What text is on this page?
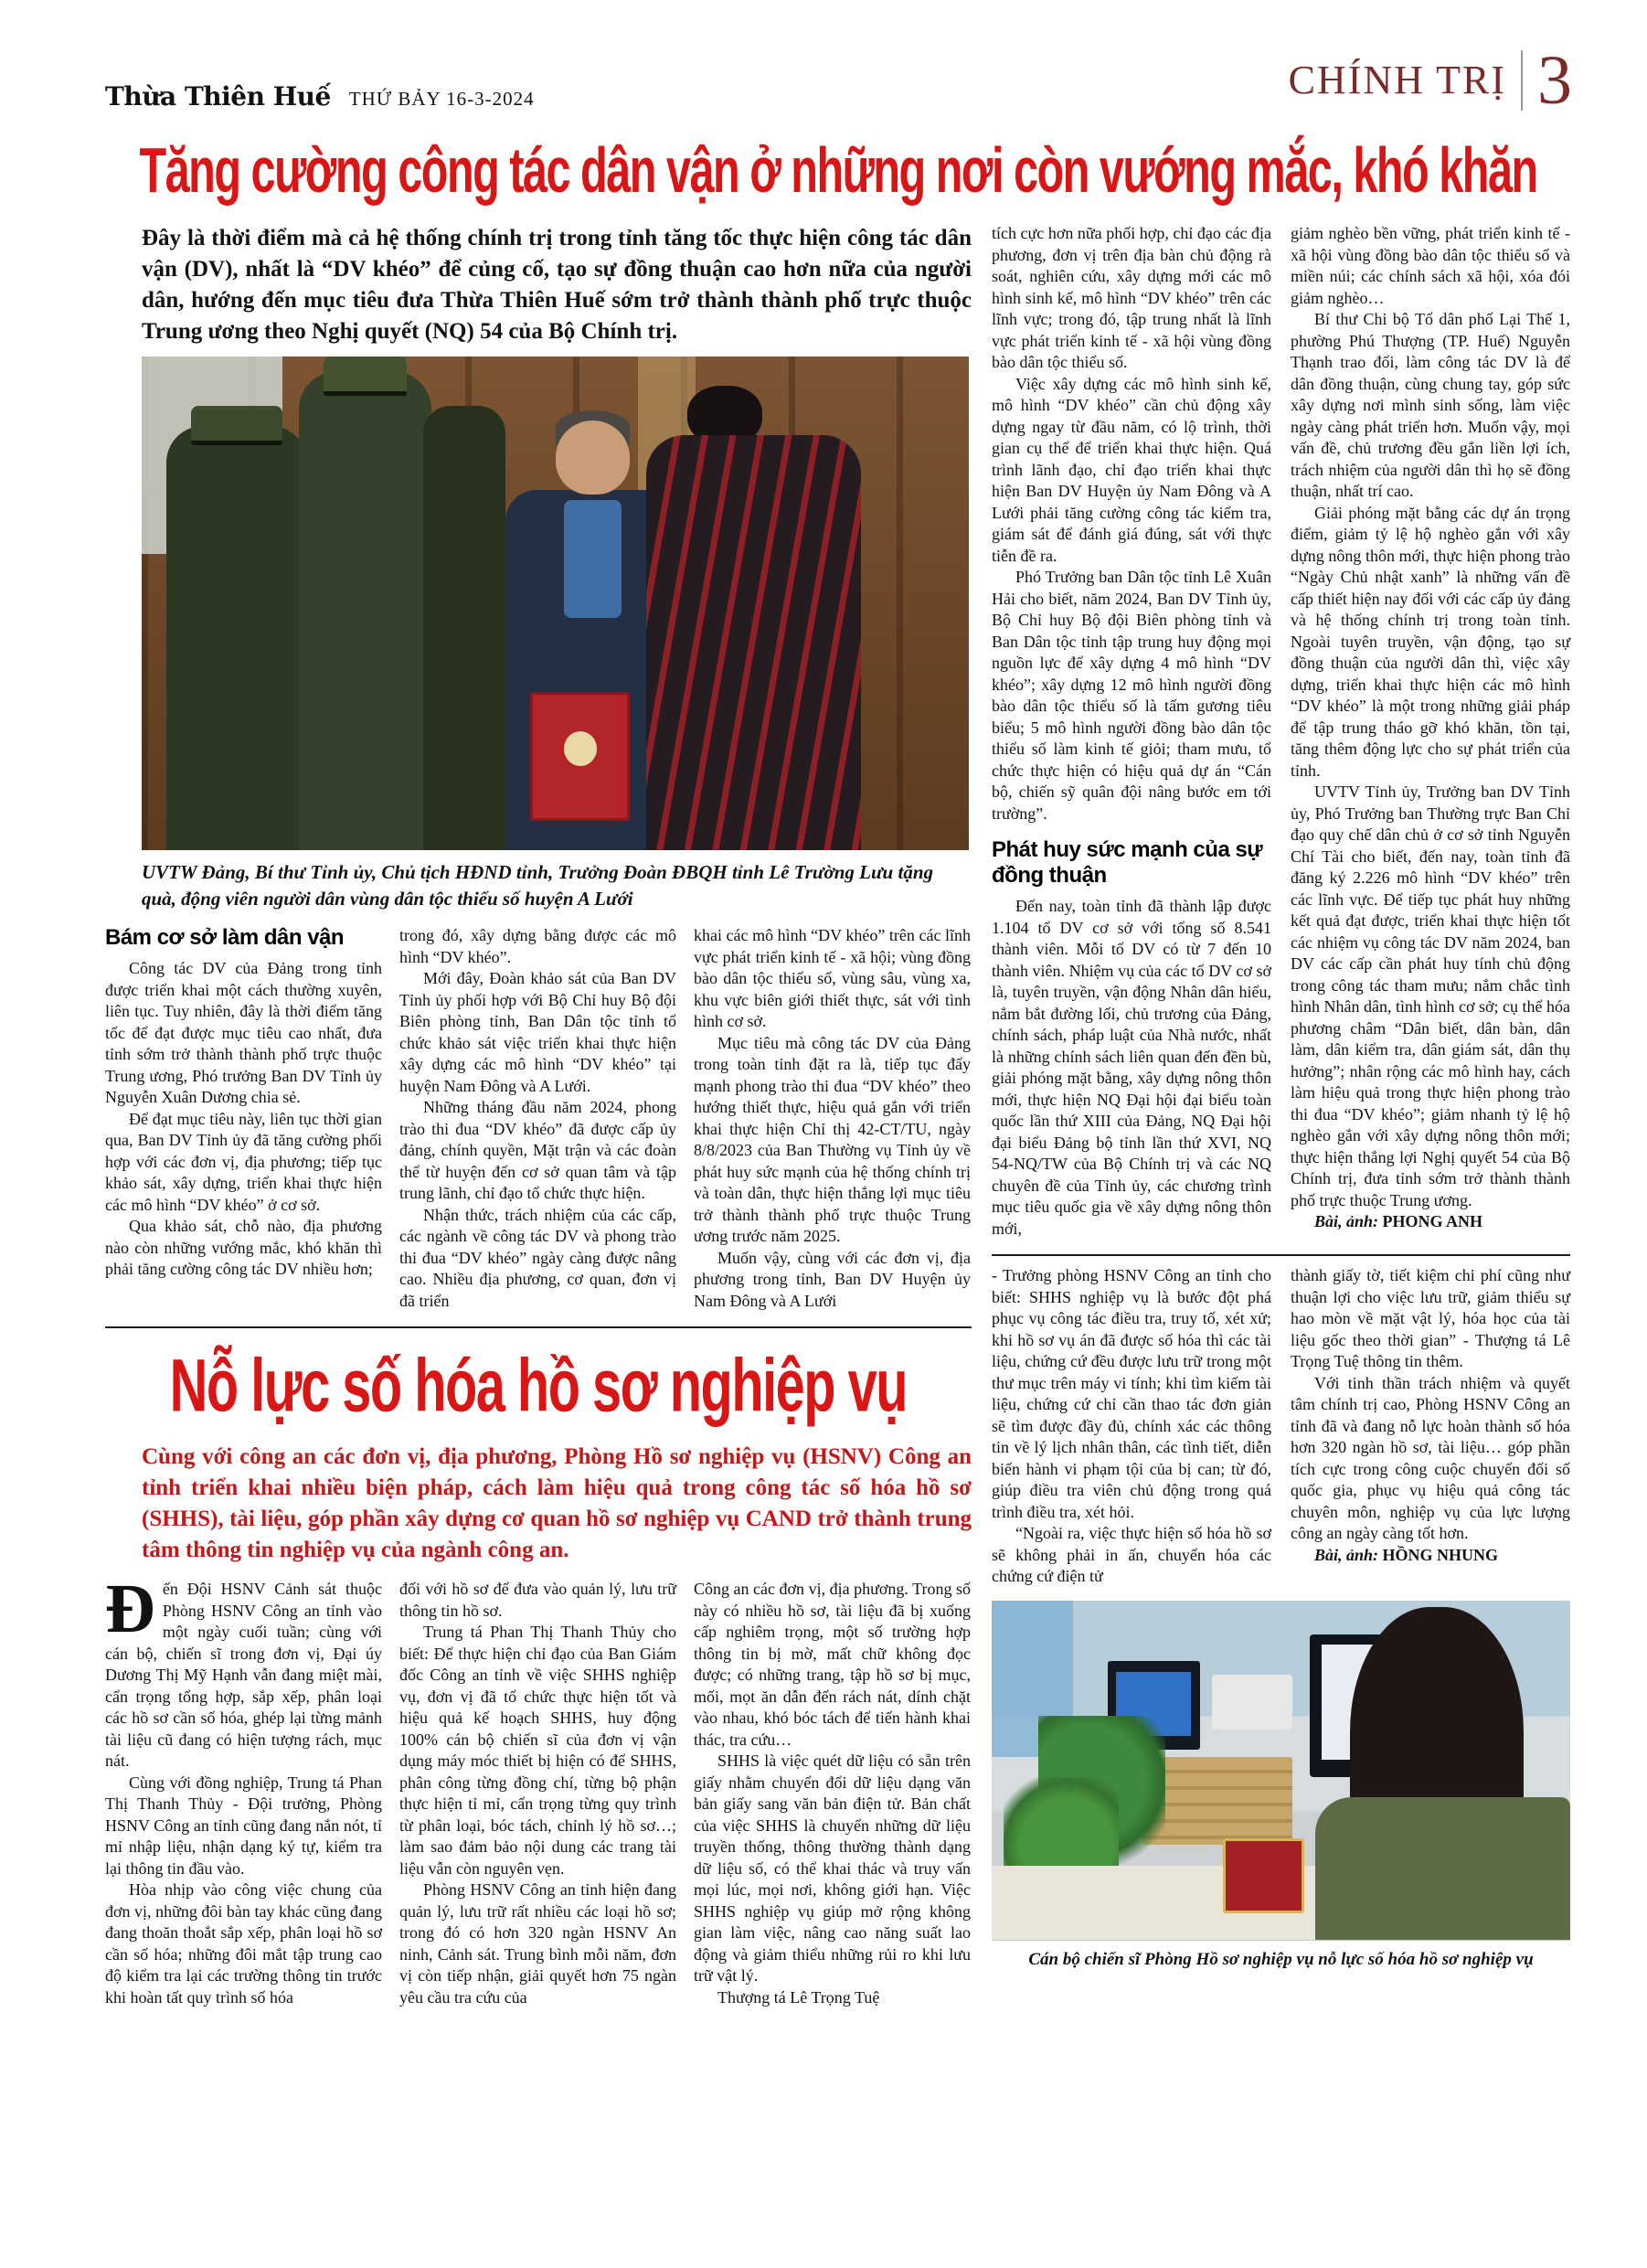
Thừa Thiên Huế THỨ BẢY 16-3-2024	CHÍNH TRỊ 3
Tăng cường công tác dân vận ở những nơi còn vướng mắc, khó khăn

Đây là thời điểm mà cả hệ thống chính trị trong tỉnh tăng tốc thực hiện công tác dân vận (DV), nhất là “DV khéo” để củng cố, tạo sự đồng thuận cao hơn nữa của người dân, hướng đến mục tiêu đưa Thừa Thiên Huế sớm trở thành thành phố trực thuộc Trung ương theo Nghị quyết (NQ) 54 của Bộ Chính trị.

UVTW Đảng, Bí thư Tỉnh ủy, Chủ tịch HĐND tỉnh, Trưởng Đoàn ĐBQH tỉnh Lê Trường Lưu tặng quà, động viên người dân vùng dân tộc thiểu số huyện A Lưới

Bám cơ sở làm dân vận

Công tác DV của Đảng trong tỉnh được triển khai một cách thường xuyên, liên tục. Tuy nhiên, đây là thời điểm tăng tốc để đạt được mục tiêu cao nhất, đưa tỉnh sớm trở thành thành phố trực thuộc Trung ương, Phó trưởng Ban DV Tỉnh ủy Nguyễn Xuân Dương chia sẻ.

Để đạt mục tiêu này, liên tục thời gian qua, Ban DV Tỉnh ủy đã tăng cường phối hợp với các đơn vị, địa phương; tiếp tục khảo sát, xây dựng, triển khai thực hiện các mô hình “DV khéo” ở cơ sở.

Qua khảo sát, chỗ nào, địa phương nào còn những vướng mắc, khó khăn thì phải tăng cường công tác DV nhiều hơn;

trong đó, xây dựng bằng được các mô hình “DV khéo”.

Mới đây, Đoàn khảo sát của Ban DV Tỉnh ủy phối hợp với Bộ Chỉ huy Bộ đội Biên phòng tỉnh, Ban Dân tộc tỉnh tổ chức khảo sát việc triển khai thực hiện xây dựng các mô hình “DV khéo” tại huyện Nam Đông và A Lưới.

Những tháng đầu năm 2024, phong trào thi đua “DV khéo” đã được cấp ủy đảng, chính quyền, Mặt trận và các đoàn thể từ huyện đến cơ sở quan tâm và tập trung lãnh, chỉ đạo tổ chức thực hiện.

Nhận thức, trách nhiệm của các cấp, các ngành về công tác DV và phong trào thi đua “DV khéo” ngày càng được nâng cao. Nhiều địa phương, cơ quan, đơn vị đã triển

khai các mô hình “DV khéo” trên các lĩnh vực phát triển kinh tế - xã hội; vùng đồng bào dân tộc thiểu số, vùng sâu, vùng xa, khu vực biên giới thiết thực, sát với tình hình cơ sở.

Mục tiêu mà công tác DV của Đảng trong toàn tỉnh đặt ra là, tiếp tục đẩy mạnh phong trào thi đua “DV khéo” theo hướng thiết thực, hiệu quả gắn với triển khai thực hiện Chỉ thị 42-CT/TU, ngày 8/8/2023 của Ban Thường vụ Tỉnh ủy về phát huy sức mạnh của hệ thống chính trị và toàn dân, thực hiện thắng lợi mục tiêu trở thành thành phố trực thuộc Trung ương trước năm 2025.

Muốn vậy, cùng với các đơn vị, địa phương trong tỉnh, Ban DV Huyện ủy Nam Đông và A Lưới

Nỗ lực số hóa hồ sơ nghiệp vụ

Cùng với công an các đơn vị, địa phương, Phòng Hồ sơ nghiệp vụ (HSNV) Công an tỉnh triển khai nhiều biện pháp, cách làm hiệu quả trong công tác số hóa hồ sơ (SHHS), tài liệu, góp phần xây dựng cơ quan hồ sơ nghiệp vụ CAND trở thành trung tâm thông tin nghiệp vụ của ngành công an.

Đến Đội HSNV Cảnh sát thuộc Phòng HSNV Công an tỉnh vào một ngày cuối tuần; cùng với cán bộ, chiến sĩ trong đơn vị, Đại úy Dương Thị Mỹ Hạnh vẫn đang miệt mài, cẩn trọng tổng hợp, sắp xếp, phân loại các hồ sơ cần số hóa, ghép lại từng mảnh tài liệu cũ đang có hiện tượng rách, mục nát.

Cùng với đồng nghiệp, Trung tá Phan Thị Thanh Thủy - Đội trưởng, Phòng HSNV Công an tỉnh cũng đang nắn nót, tỉ mỉ nhập liệu, nhận dạng ký tự, kiểm tra lại thông tin đầu vào.

Hòa nhịp vào công việc chung của đơn vị, những đôi bàn tay khác cũng đang đang thoăn thoắt sắp xếp, phân loại hồ sơ cần số hóa; những đôi mắt tập trung cao độ kiểm tra lại các trường thông tin trước khi hoàn tất quy trình số hóa

đối với hồ sơ để đưa vào quản lý, lưu trữ thông tin hồ sơ.

Trung tá Phan Thị Thanh Thủy cho biết: Để thực hiện chỉ đạo của Ban Giám đốc Công an tỉnh về việc SHHS nghiệp vụ, đơn vị đã tổ chức thực hiện tốt và hiệu quả kế hoạch SHHS, huy động 100% cán bộ chiến sĩ của đơn vị vận dụng máy móc thiết bị hiện có để SHHS, phân công từng đồng chí, từng bộ phận thực hiện tỉ mỉ, cẩn trọng từng quy trình từ phân loại, bóc tách, chỉnh lý hồ sơ…; làm sao đảm bảo nội dung các trang tài liệu vẫn còn nguyên vẹn.

Phòng HSNV Công an tỉnh hiện đang quản lý, lưu trữ rất nhiều các loại hồ sơ; trong đó có hơn 320 ngàn HSNV An ninh, Cảnh sát. Trung bình mỗi năm, đơn vị còn tiếp nhận, giải quyết hơn 75 ngàn yêu cầu tra cứu của

Công an các đơn vị, địa phương. Trong số này có nhiều hồ sơ, tài liệu đã bị xuống cấp nghiêm trọng, một số trường hợp thông tin bị mờ, mất chữ không đọc được; có những trang, tập hồ sơ bị mục, mối, mọt ăn dẫn đến rách nát, dính chặt vào nhau, khó bóc tách để tiến hành khai thác, tra cứu…

SHHS là việc quét dữ liệu có sẵn trên giấy nhằm chuyển đổi dữ liệu dạng văn bản giấy sang văn bản điện tử. Bản chất của việc SHHS là chuyển những dữ liệu truyền thống, thông thường thành dạng dữ liệu số, có thể khai thác và truy vấn mọi lúc, mọi nơi, không giới hạn. Việc SHHS nghiệp vụ giúp mở rộng không gian làm việc, nâng cao năng suất lao động và giảm thiểu những rủi ro khi lưu trữ vật lý.

Thượng tá Lê Trọng Tuệ

tích cực hơn nữa phối hợp, chỉ đạo các địa phương, đơn vị trên địa bàn chủ động rà soát, nghiên cứu, xây dựng mới các mô hình sinh kế, mô hình “DV khéo” trên các lĩnh vực; trong đó, tập trung nhất là lĩnh vực phát triển kinh tế - xã hội vùng đồng bào dân tộc thiểu số.

Việc xây dựng các mô hình sinh kế, mô hình “DV khéo” cần chủ động xây dựng ngay từ đầu năm, có lộ trình, thời gian cụ thể để triển khai thực hiện. Quá trình lãnh đạo, chỉ đạo triển khai thực hiện Ban DV Huyện ủy Nam Đông và A Lưới phải tăng cường công tác kiểm tra, giám sát để đánh giá đúng, sát với thực tiễn đề ra.

Phó Trưởng ban Dân tộc tỉnh Lê Xuân Hải cho biết, năm 2024, Ban DV Tỉnh ủy, Bộ Chỉ huy Bộ đội Biên phòng tỉnh và Ban Dân tộc tỉnh tập trung huy động mọi nguồn lực để xây dựng 4 mô hình “DV khéo”; xây dựng 12 mô hình người đồng bào dân tộc thiểu số là tấm gương tiêu biểu; 5 mô hình người đồng bào dân tộc thiểu số làm kinh tế giỏi; tham mưu, tổ chức thực hiện có hiệu quả dự án “Cán bộ, chiến sỹ quân đội nâng bước em tới trường”.

Phát huy sức mạnh của sự đồng thuận

Đến nay, toàn tỉnh đã thành lập được 1.104 tổ DV cơ sở với tổng số 8.541 thành viên. Mỗi tổ DV có từ 7 đến 10 thành viên. Nhiệm vụ của các tổ DV cơ sở là, tuyên truyền, vận động Nhân dân hiểu, nắm bắt đường lối, chủ trương của Đảng, chính sách, pháp luật của Nhà nước, nhất là những chính sách liên quan đến đền bù, giải phóng mặt bằng, xây dựng nông thôn mới, thực hiện NQ Đại hội đại biểu toàn quốc lần thứ XIII của Đảng, NQ Đại hội đại biểu Đảng bộ tỉnh lần thứ XVI, NQ 54-NQ/TW của Bộ Chính trị và các NQ chuyên đề của Tỉnh ủy, các chương trình mục tiêu quốc gia về xây dựng nông thôn mới,

giảm nghèo bền vững, phát triển kinh tế - xã hội vùng đồng bào dân tộc thiểu số và miền núi; các chính sách xã hội, xóa đói giảm nghèo…

Bí thư Chi bộ Tổ dân phố Lại Thế 1, phường Phú Thượng (TP. Huế) Nguyễn Thạnh trao đổi, làm công tác DV là để dân đồng thuận, cùng chung tay, góp sức xây dựng nơi mình sinh sống, làm việc ngày càng phát triển hơn. Muốn vậy, mọi vấn đề, chủ trương đều gắn liền lợi ích, trách nhiệm của người dân thì họ sẽ đồng thuận, nhất trí cao.

Giải phóng mặt bằng các dự án trọng điểm, giảm tỷ lệ hộ nghèo gắn với xây dựng nông thôn mới, thực hiện phong trào “Ngày Chủ nhật xanh” là những vấn đề cấp thiết hiện nay đối với các cấp ủy đảng và hệ thống chính trị trong toàn tỉnh. Ngoài tuyên truyền, vận động, tạo sự đồng thuận của người dân thì, việc xây dựng, triển khai thực hiện các mô hình “DV khéo” là một trong những giải pháp để tập trung tháo gỡ khó khăn, tồn tại, tăng thêm động lực cho sự phát triển của tỉnh.

UVTV Tỉnh ủy, Trưởng ban DV Tỉnh ủy, Phó Trưởng ban Thường trực Ban Chỉ đạo quy chế dân chủ ở cơ sở tỉnh Nguyễn Chí Tài cho biết, đến nay, toàn tỉnh đã đăng ký 2.226 mô hình “DV khéo” trên các lĩnh vực. Để tiếp tục phát huy những kết quả đạt được, triển khai thực hiện tốt các nhiệm vụ công tác DV năm 2024, ban DV các cấp cần phát huy tính chủ động trong công tác tham mưu; nắm chắc tình hình Nhân dân, tình hình cơ sở; cụ thể hóa phương châm “Dân biết, dân bàn, dân làm, dân kiểm tra, dân giám sát, dân thụ hưởng”; nhân rộng các mô hình hay, cách làm hiệu quả trong thực hiện phong trào thi đua “DV khéo”; giảm nhanh tỷ lệ hộ nghèo gắn với xây dựng nông thôn mới; thực hiện thắng lợi Nghị quyết 54 của Bộ Chính trị, đưa tỉnh sớm trở thành thành phố trực thuộc Trung ương.

Bài, ảnh: PHONG ANH

- Trưởng phòng HSNV Công an tỉnh cho biết: SHHS nghiệp vụ là bước đột phá phục vụ công tác điều tra, truy tố, xét xử; khi hồ sơ vụ án đã được số hóa thì các tài liệu, chứng cứ đều được lưu trữ trong một thư mục trên máy vi tính; khi tìm kiếm tài liệu, chứng cứ chỉ cần thao tác đơn giản sẽ tìm được đầy đủ, chính xác các thông tin về lý lịch nhân thân, các tình tiết, diễn biến hành vi phạm tội của bị can; từ đó, giúp điều tra viên chủ động trong quá trình điều tra, xét hỏi.

“Ngoài ra, việc thực hiện số hóa hồ sơ sẽ không phải in ấn, chuyển hóa các chứng cứ điện tử

thành giấy tờ, tiết kiệm chi phí cũng như thuận lợi cho việc lưu trữ, giảm thiểu sự hao mòn về mặt vật lý, hóa học của tài liệu gốc theo thời gian” - Thượng tá Lê Trọng Tuệ thông tin thêm.

Với tinh thần trách nhiệm và quyết tâm chính trị cao, Phòng HSNV Công an tỉnh đã và đang nỗ lực hoàn thành số hóa hơn 320 ngàn hồ sơ, tài liệu… góp phần tích cực trong công cuộc chuyển đổi số quốc gia, phục vụ hiệu quả công tác chuyên môn, nghiệp vụ của lực lượng công an ngày càng tốt hơn.

Bài, ảnh: HỒNG NHUNG

Cán bộ chiến sĩ Phòng Hồ sơ nghiệp vụ nỗ lực số hóa hồ sơ nghiệp vụ
